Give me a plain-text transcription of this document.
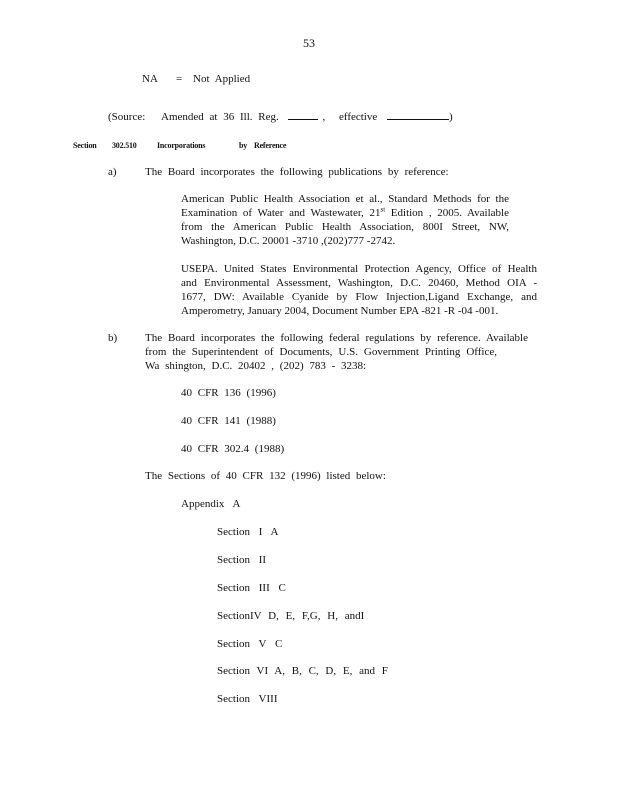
53
NA = Not Applied
(Source: Amended at 36 Ill. Reg.	, effective	)
Section 302.510	Incorporations	by Reference
a)	The Board incorporates the following publications by reference:
American Public Health Association et al., Standard Methods for the
Examination of Water and Wastewater, 21st Edition , 2005. Available
from the American Public Health Association, 800I Street, NW,
Washington, D.C. 20001 -3710 ,(202)777 -2742.
USEPA. United States Environmental Protection Agency, Office of Health
and Environmental Assessment, Washington, D.C. 20460, Method OIA -
1677, DW: Available Cyanide by Flow Injection,Ligand Exchange, and
Amperometry, January 2004, Document Number EPA -821 -R -04 -001.
b)	The Board incorporates the following federal regulations by reference. Available
from the Superintendent of Documents, U.S. Government Printing Office,
Wa shington, D.C. 20402 , (202) 783 - 3238:
40 CFR 136 (1996)
40 CFR 141 (1988)
40 CFR 302.4 (1988)
The Sections of 40 CFR 132 (1996) listed below:
Appendix A
Section I A
Section II
Section III C
SectionIV D, E, F,G, H, andI
Section V C
Section VI A, B, C, D, E, and F
Section VIII
